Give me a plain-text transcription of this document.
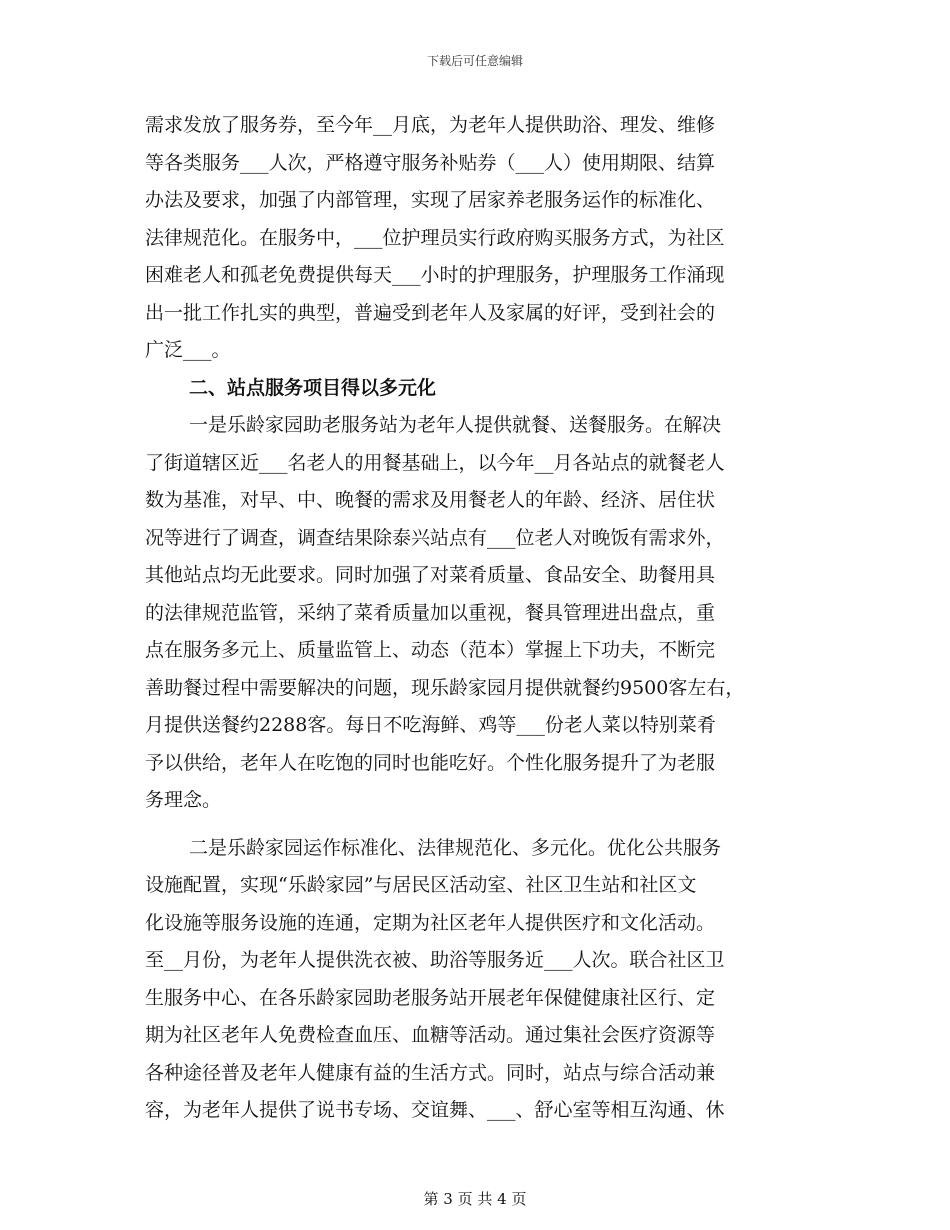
下载后可任意编辑
需求发放了服务券，至今年__月底，为老年人提供助浴、理发、维修
等各类服务___人次，严格遵守服务补贴券（___人）使用期限、结算
办法及要求，加强了内部管理，实现了居家养老服务运作的标准化、
法律规范化。在服务中，___位护理员实行政府购买服务方式，为社区
困难老人和孤老免费提供每天___小时的护理服务，护理服务工作涌现
出一批工作扎实的典型，普遍受到老年人及家属的好评，受到社会的
广泛___。
二、站点服务项目得以多元化
一是乐龄家园助老服务站为老年人提供就餐、送餐服务。在解决
了街道辖区近___名老人的用餐基础上，以今年__月各站点的就餐老人
数为基准，对早、中、晚餐的需求及用餐老人的年龄、经济、居住状
况等进行了调查，调查结果除泰兴站点有___位老人对晚饭有需求外，
其他站点均无此要求。同时加强了对菜肴质量、食品安全、助餐用具
的法律规范监管，采纳了菜肴质量加以重视，餐具管理进出盘点，重
点在服务多元上、质量监管上、动态（范本）掌握上下功夫，不断完
善助餐过程中需要解决的问题，现乐龄家园月提供就餐约9500客左右，
月提供送餐约2288客。每日不吃海鲜、鸡等___份老人菜以特别菜肴
予以供给，老年人在吃饱的同时也能吃好。个性化服务提升了为老服
务理念。
二是乐龄家园运作标准化、法律规范化、多元化。优化公共服务
设施配置，实现“乐龄家园”与居民区活动室、社区卫生站和社区文
化设施等服务设施的连通，定期为社区老年人提供医疗和文化活动。
至__月份，为老年人提供洗衣被、助浴等服务近___人次。联合社区卫
生服务中心、在各乐龄家园助老服务站开展老年保健健康社区行、定
期为社区老年人免费检查血压、血糖等活动。通过集社会医疗资源等
各种途径普及老年人健康有益的生活方式。同时，站点与综合活动兼
容，为老年人提供了说书专场、交谊舞、___、舒心室等相互沟通、休
第 3 页 共 4 页
